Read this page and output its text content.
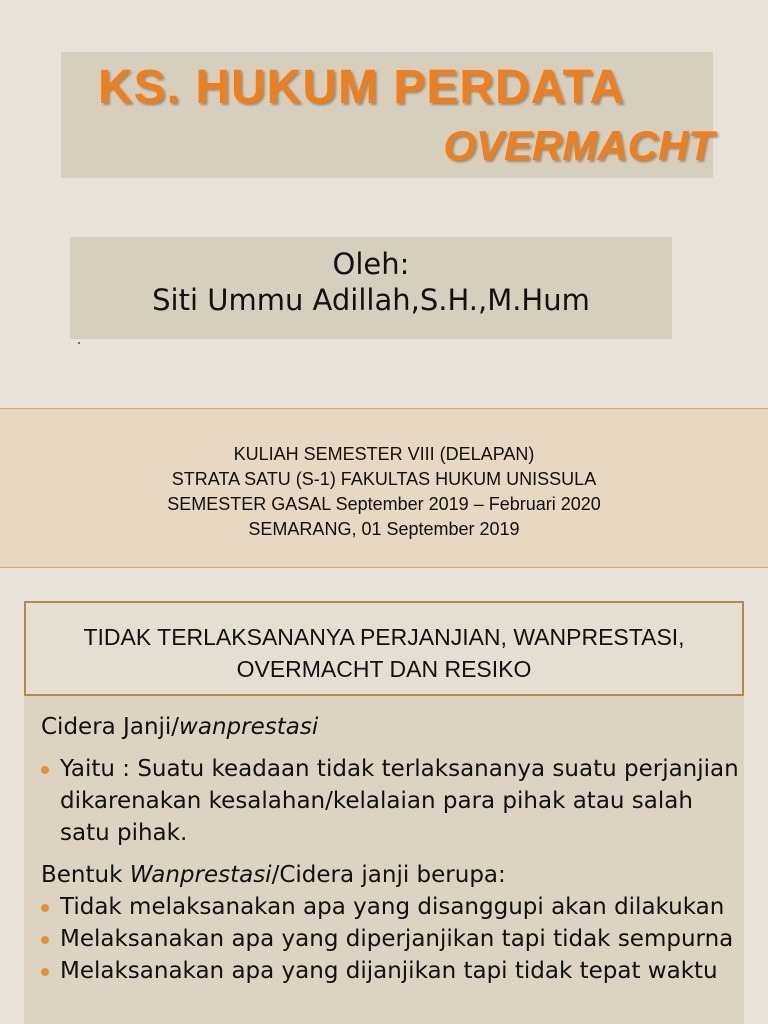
KS. HUKUM PERDATA
OVERMACHT
Oleh:
Siti Ummu Adillah,S.H.,M.Hum
KULIAH SEMESTER VIII (DELAPAN)
STRATA SATU (S-1) FAKULTAS HUKUM UNISSULA
SEMESTER GASAL September 2019 – Februari 2020
SEMARANG, 01 September 2019
TIDAK TERLAKSANANYA PERJANJIAN, WANPRESTASI,
OVERMACHT DAN RESIKO
Cidera Janji/wanprestasi
Yaitu : Suatu keadaan tidak terlaksananya suatu perjanjian dikarenakan kesalahan/kelalaian para pihak atau salah satu pihak.
Bentuk Wanprestasi/Cidera janji berupa:
Tidak melaksanakan apa yang disanggupi akan dilakukan
Melaksanakan apa yang diperjanjikan tapi tidak sempurna
Melaksanakan apa yang dijanjikan tapi tidak tepat waktu
